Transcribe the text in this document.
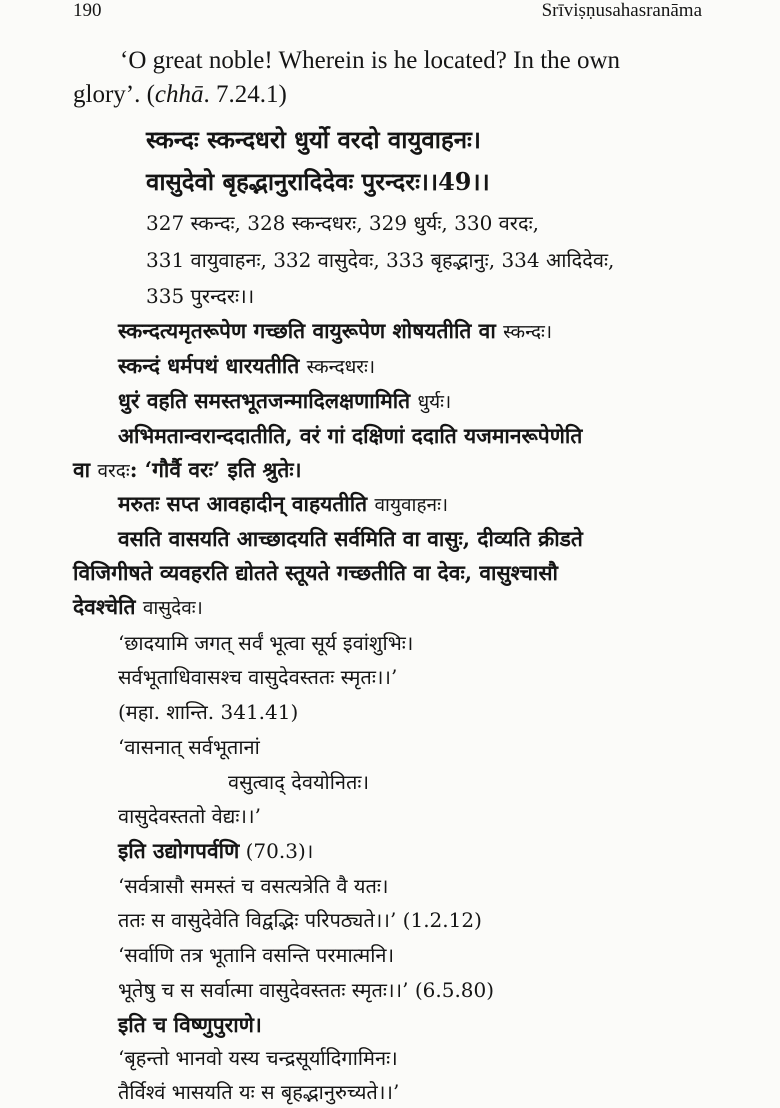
190	Srīviṣṇusahasranāma
‘O great noble! Wherein is he located? In the own
glory’. (chhā. 7.24.1)
स्कन्दः स्कन्दधरो धुर्यो वरदो वायुवाहनः।
वासुदेवो बृहद्भानुरादिदेवः पुरन्दरः।।49।।
327 स्कन्दः, 328 स्कन्दधरः, 329 धुर्यः, 330 वरदः,
331 वायुवाहनः, 332 वासुदेवः, 333 बृहद्भानुः, 334 आदिदेवः,
335 पुरन्दरः।।
स्कन्दत्यमृतरूपेण गच्छति वायुरूपेण शोषयतीति वा स्कन्दः।
स्कन्दं धर्मपथं धारयतीति स्कन्दधरः।
धुरं वहति समस्तभूतजन्मादिलक्षणामिति धुर्यः।
अभिमतान्वरान्ददातीति, वरं गां दक्षिणां ददाति यजमानरूपेणेति
वा वरदः: ‘गौर्वै वरः’ इति श्रुतेः।
मरुतः सप्त आवहादीन् वाहयतीति वायुवाहनः।
वसति वासयति आच्छादयति सर्वमिति वा वासुः, दीव्यति क्रीडते
विजिगीषते व्यवहरति द्योतते स्तूयते गच्छतीति वा देवः, वासुश्चासौ
देवश्चेति वासुदेवः।
‘छादयामि जगत् सर्वं भूत्वा सूर्य इवांशुभिः।
सर्वभूताधिवासश्च वासुदेवस्ततः स्मृतः।।’
(महा. शान्ति. 341.41)
‘वासनात् सर्वभूतानां
वसुत्वाद् देवयोनितः।
वासुदेवस्ततो वेद्यः।।’
इति उद्योगपर्वणि (70.3)।
‘सर्वत्रासौ समस्तं च वसत्यत्रेति वै यतः।
ततः स वासुदेवेति विद्वद्भिः परिपठ्यते।।’ (1.2.12)
‘सर्वाणि तत्र भूतानि वसन्ति परमात्मनि।
भूतेषु च स सर्वात्मा वासुदेवस्ततः स्मृतः।।’ (6.5.80)
इति च विष्णुपुराणे।
‘बृहन्तो भानवो यस्य चन्द्रसूर्यादिगामिनः।
तैर्विश्वं भासयति यः स बृहद्भानुरुच्यते।।’
